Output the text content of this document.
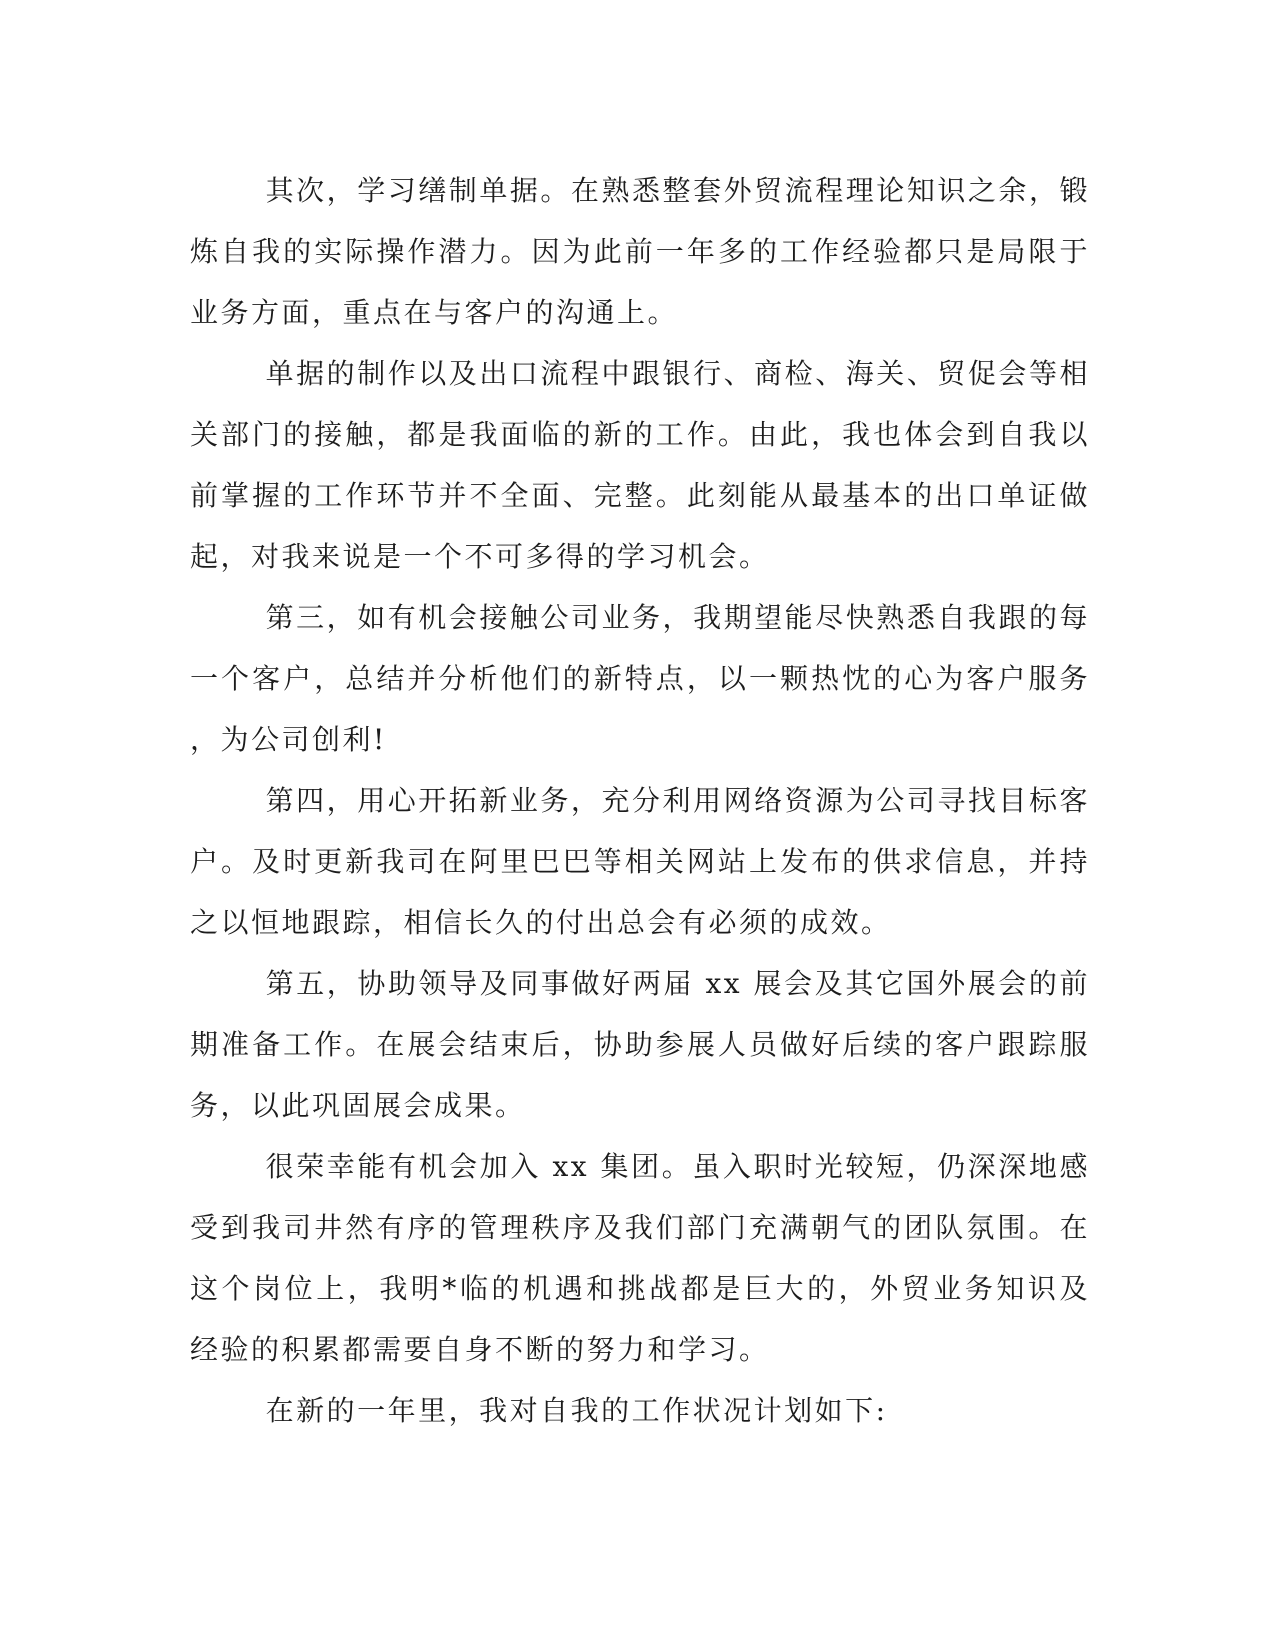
其次，学习缮制单据。在熟悉整套外贸流程理论知识之余，锻炼自我的实际操作潜力。因为此前一年多的工作经验都只是局限于业务方面，重点在与客户的沟通上。

单据的制作以及出口流程中跟银行、商检、海关、贸促会等相关部门的接触，都是我面临的新的工作。由此，我也体会到自我以前掌握的工作环节并不全面、完整。此刻能从最基本的出口单证做起，对我来说是一个不可多得的学习机会。

第三，如有机会接触公司业务，我期望能尽快熟悉自我跟的每一个客户，总结并分析他们的新特点，以一颗热忱的心为客户服务，为公司创利!

第四，用心开拓新业务，充分利用网络资源为公司寻找目标客户。及时更新我司在阿里巴巴等相关网站上发布的供求信息，并持之以恒地跟踪，相信长久的付出总会有必须的成效。

第五，协助领导及同事做好两届 xx 展会及其它国外展会的前期准备工作。在展会结束后，协助参展人员做好后续的客户跟踪服务，以此巩固展会成果。

很荣幸能有机会加入 xx 集团。虽入职时光较短，仍深深地感受到我司井然有序的管理秩序及我们部门充满朝气的团队氛围。在这个岗位上，我明*临的机遇和挑战都是巨大的，外贸业务知识及经验的积累都需要自身不断的努力和学习。

在新的一年里，我对自我的工作状况计划如下:
